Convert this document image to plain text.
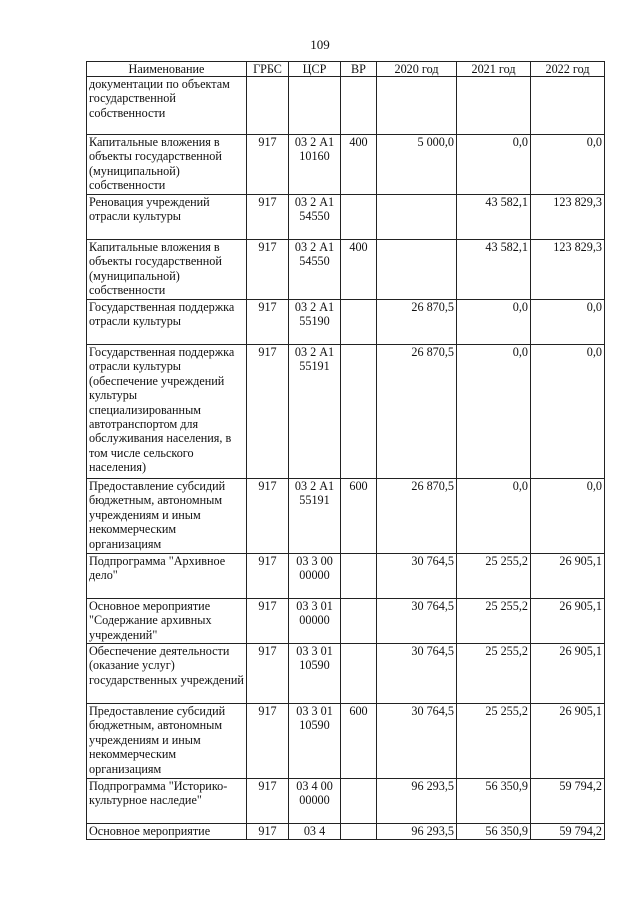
109
Наименование	ГРБС	ЦСР	ВР	2020 год	2021 год	2022 год
документации по объектам государственной собственности						
Капитальные вложения в объекты государственной (муниципальной) собственности	917	03 2 А1 10160	400	5 000,0	0,0	0,0
Реновация учреждений отрасли культуры	917	03 2 А1 54550			43 582,1	123 829,3
Капитальные вложения в объекты государственной (муниципальной) собственности	917	03 2 А1 54550	400		43 582,1	123 829,3
Государственная поддержка отрасли культуры	917	03 2 А1 55190		26 870,5	0,0	0,0
Государственная поддержка отрасли культуры (обеспечение учреждений культуры специализированным автотранспортом для обслуживания населения, в том числе сельского населения)	917	03 2 А1 55191		26 870,5	0,0	0,0
Предоставление субсидий бюджетным, автономным учреждениям и иным некоммерческим организациям	917	03 2 А1 55191	600	26 870,5	0,0	0,0
Подпрограмма "Архивное дело"	917	03 3 00 00000		30 764,5	25 255,2	26 905,1
Основное мероприятие "Содержание архивных учреждений"	917	03 3 01 00000		30 764,5	25 255,2	26 905,1
Обеспечение деятельности (оказание услуг) государственных учреждений	917	03 3 01 10590		30 764,5	25 255,2	26 905,1
Предоставление субсидий бюджетным, автономным учреждениям и иным некоммерческим организациям	917	03 3 01 10590	600	30 764,5	25 255,2	26 905,1
Подпрограмма "Историко-культурное наследие"	917	03 4 00 00000		96 293,5	56 350,9	59 794,2
Основное мероприятие	917	03 4		96 293,5	56 350,9	59 794,2
